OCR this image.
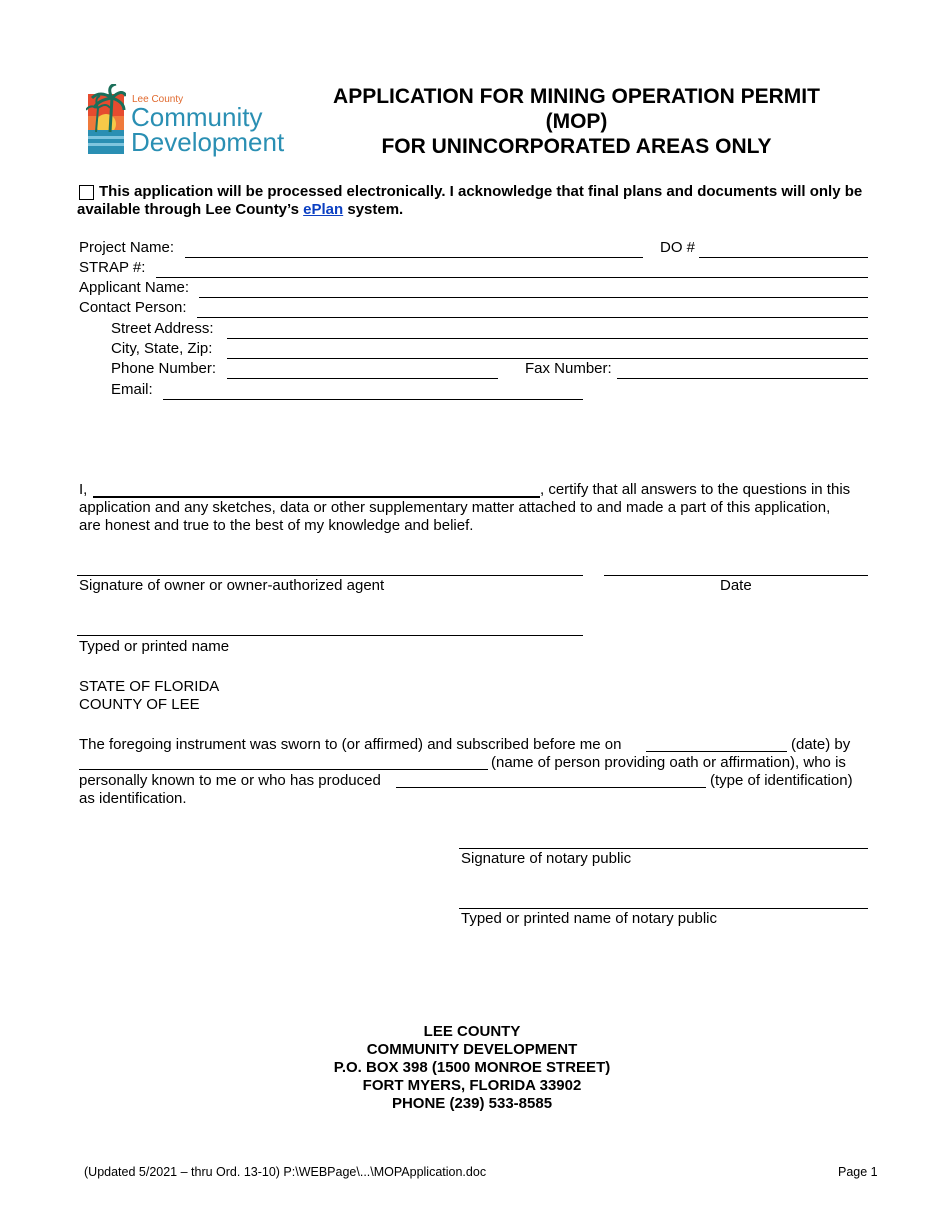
Lee County
Community
Development
APPLICATION FOR MINING OPERATION PERMIT
(MOP)
FOR UNINCORPORATED AREAS ONLY
This application will be processed electronically. I acknowledge that final plans and documents will only be available through Lee County’s ePlan system.
Project Name:	DO #
STRAP #:
Applicant Name:
Contact Person:
Street Address:
City, State, Zip:
Phone Number:	Fax Number:
Email:
I,	, certify that all answers to the questions in this
application and any sketches, data or other supplementary matter attached to and made a part of this application,
are honest and true to the best of my knowledge and belief.
Signature of owner or owner-authorized agent	Date
Typed or printed name
STATE OF FLORIDA
COUNTY OF LEE
The foregoing instrument was sworn to (or affirmed) and subscribed before me on	(date) by
(name of person providing oath or affirmation), who is
personally known to me or who has produced	(type of identification)
as identification.
Signature of notary public
Typed or printed name of notary public
LEE COUNTY
COMMUNITY DEVELOPMENT
P.O. BOX 398 (1500 MONROE STREET)
FORT MYERS, FLORIDA 33902
PHONE (239) 533-8585
(Updated 5/2021 – thru Ord. 13-10) P:\WEBPage\...\MOPApplication.doc	Page 1
